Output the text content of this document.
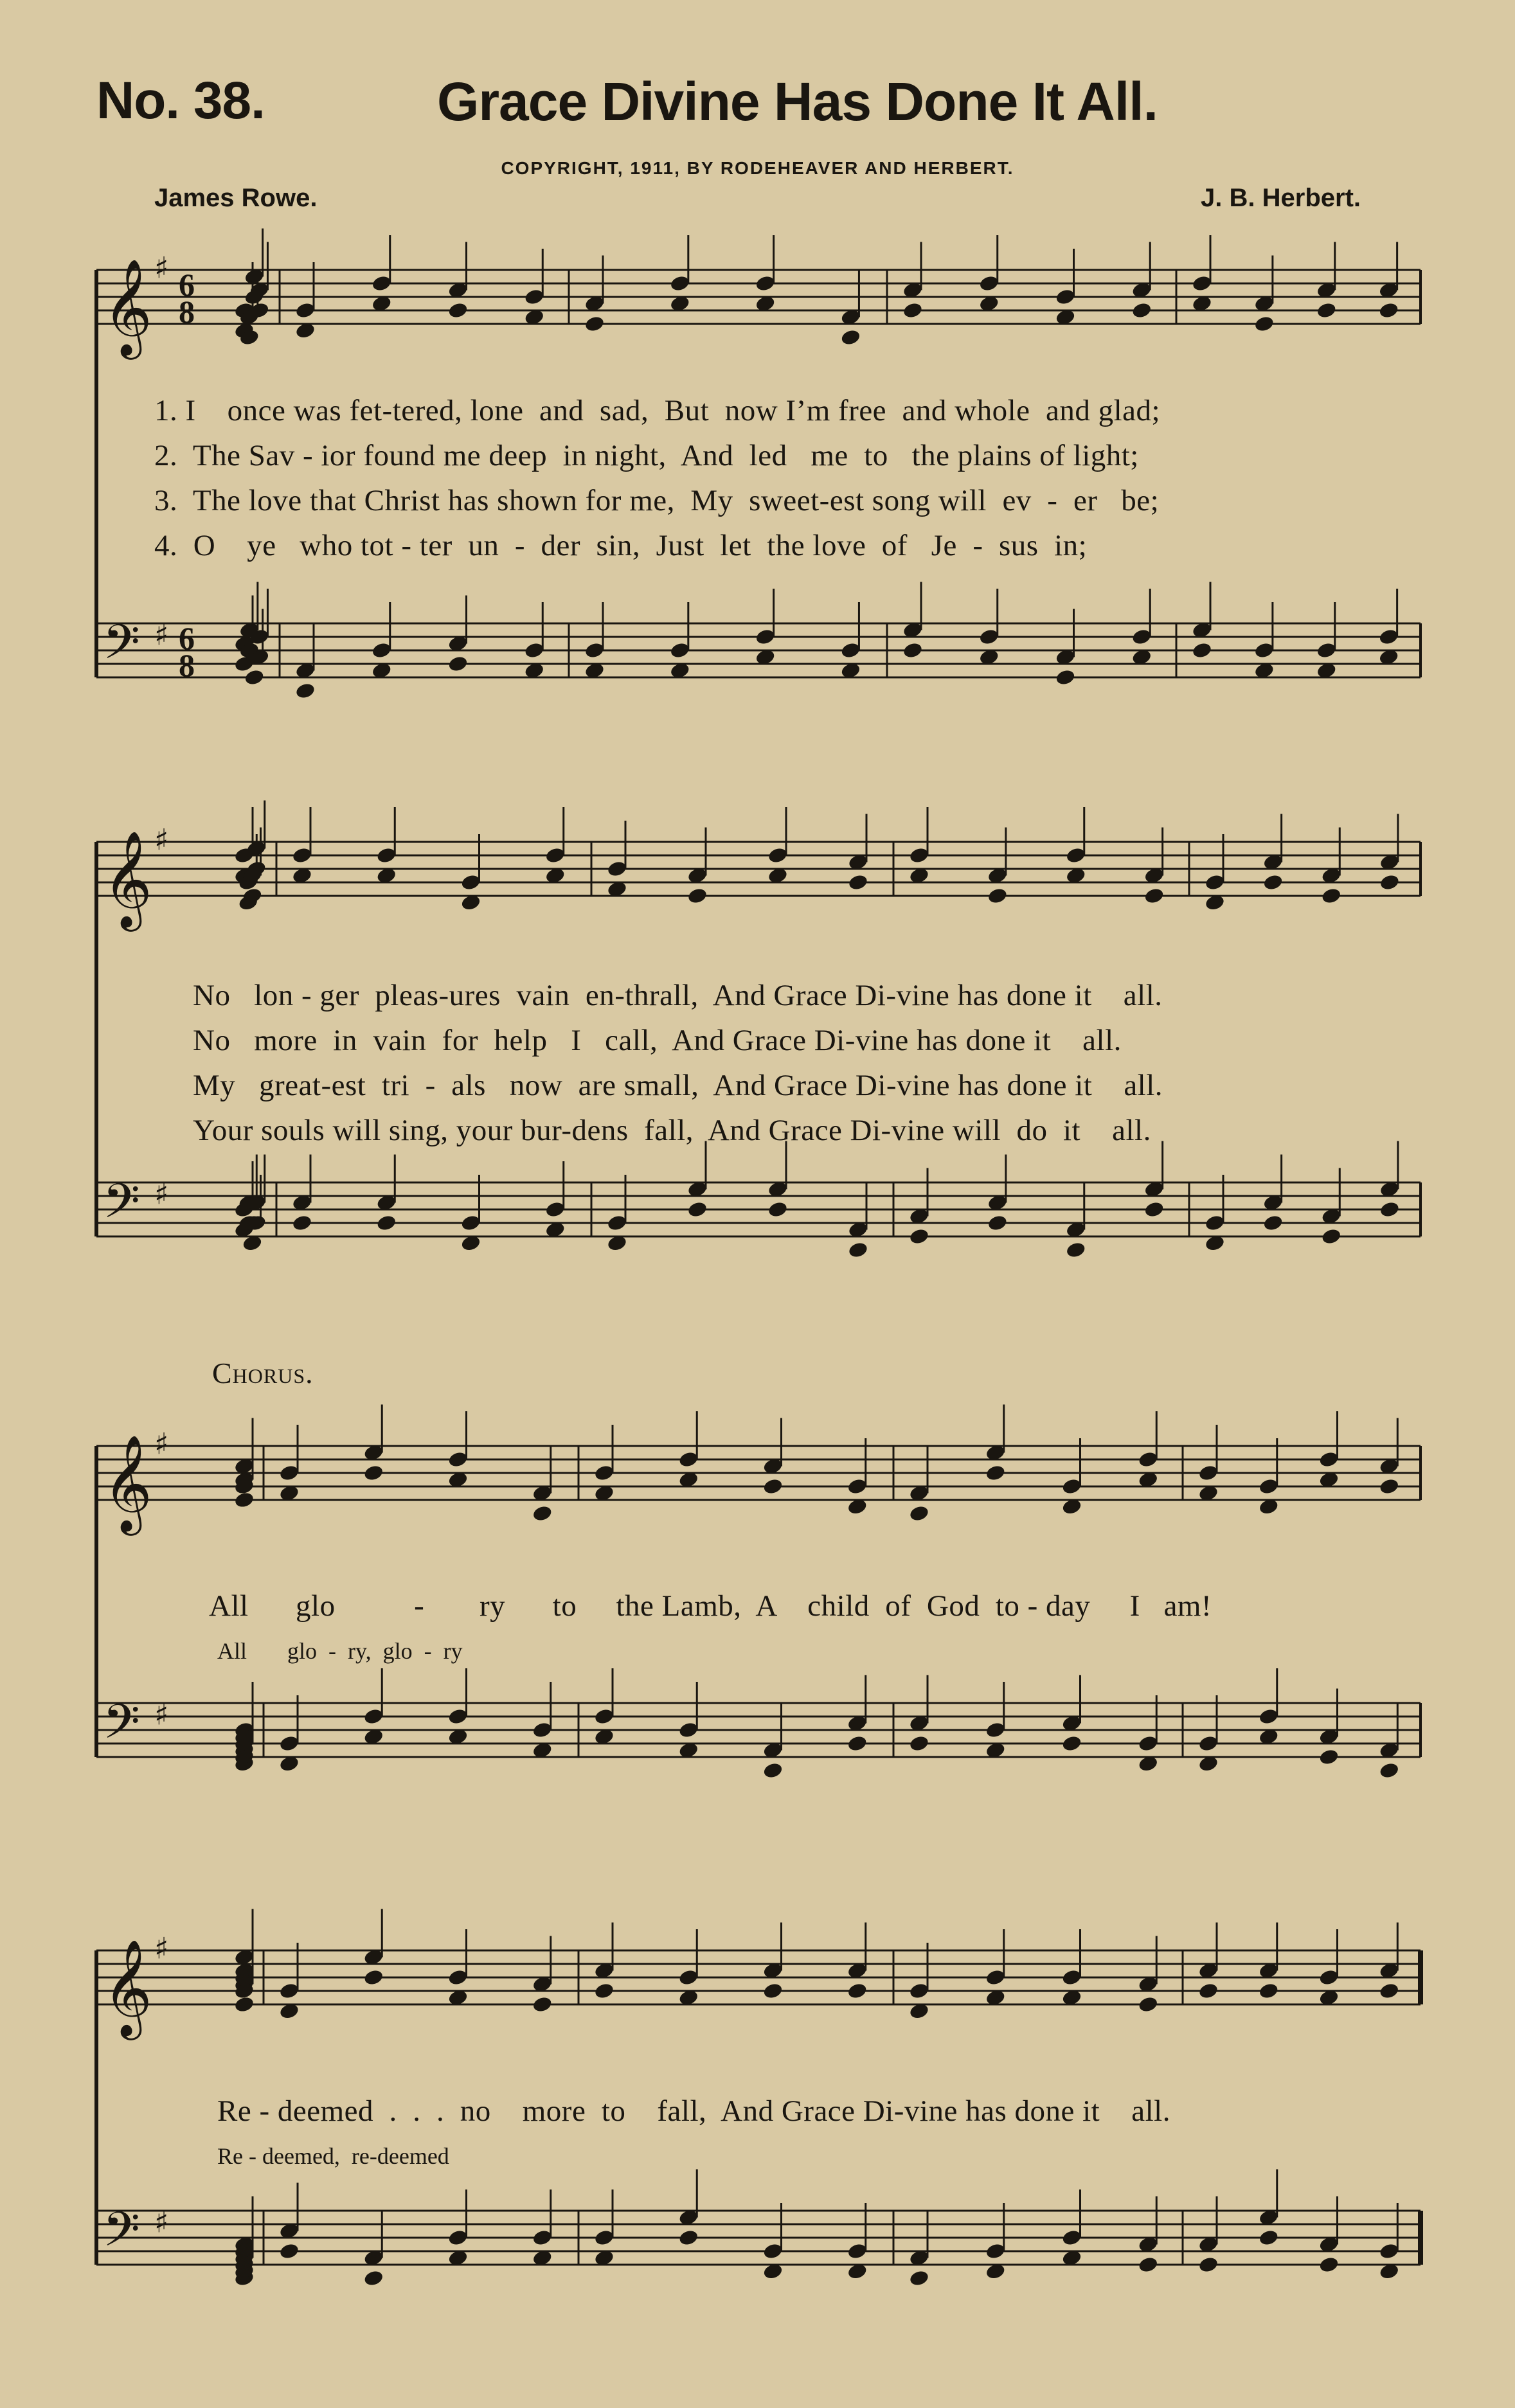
No. 38.	Grace Divine Has Done It All.
COPYRIGHT, 1911, BY RODEHEAVER AND HERBERT.
James Rowe.	J. B. Herbert.
𝄞
𝄢
♯
♯
6
6
8
8
𝄞
𝄢
♯
♯
𝄞
𝄢
♯
♯
𝄞
𝄢
♯
♯
1. I    once was fet-tered, lone  and  sad,  But  now I’m free  and whole  and glad;
2.  The Sav - ior found me deep  in night,  And  led   me  to   the plains of light;
3.  The love that Christ has shown for me,  My  sweet-est song will  ev  -  er   be;
4.  O    ye   who tot - ter  un  -  der  sin,  Just  let  the love  of   Je  -  sus  in;
No   lon - ger  pleas-ures  vain  en-thrall,  And Grace Di-vine has done it    all.
No   more  in  vain  for  help   I   call,  And Grace Di-vine has done it    all.
My   great-est  tri  -  als   now  are small,  And Grace Di-vine has done it    all.
Your souls will sing, your bur-dens  fall,  And Grace Di-vine will  do  it    all.
Chorus.
All      glo          -       ry      to     the Lamb,  A    child  of  God  to - day     I   am!
All       glo  -  ry,  glo  -  ry
Re - deemed  .  .  .  no    more  to    fall,  And Grace Di-vine has done it    all.
Re - deemed,  re-deemed
